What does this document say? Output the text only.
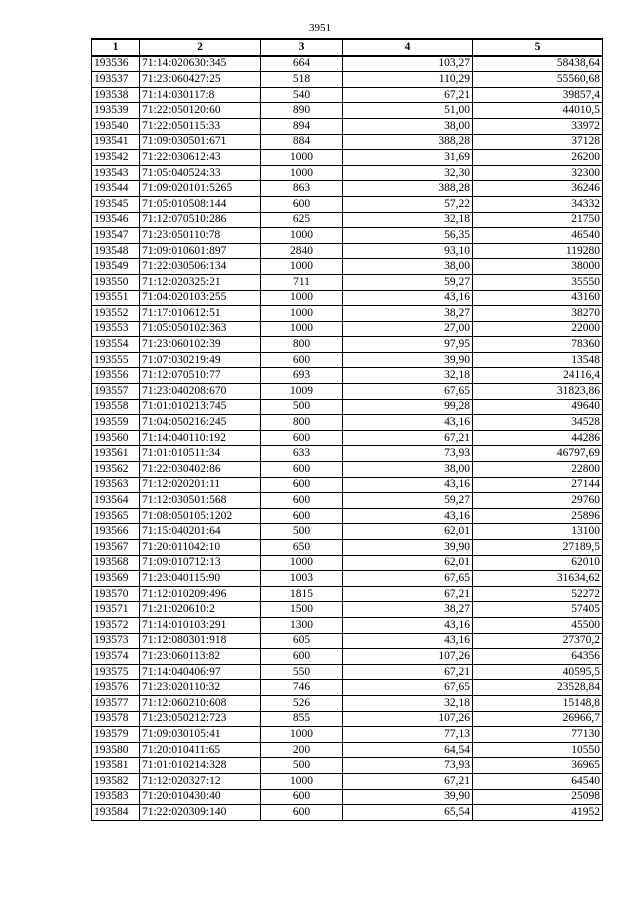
3951
1	2	3	4	5
193536	71:14:020630:345	664	103,27	58438,64
193537	71:23:060427:25	518	110,29	55560,68
193538	71:14:030117:8	540	67,21	39857,4
193539	71:22:050120:60	890	51,00	44010,5
193540	71:22:050115:33	894	38,00	33972
193541	71:09:030501:671	884	388,28	37128
193542	71:22:030612:43	1000	31,69	26200
193543	71:05:040524:33	1000	32,30	32300
193544	71:09:020101:5265	863	388,28	36246
193545	71:05:010508:144	600	57,22	34332
193546	71:12:070510:286	625	32,18	21750
193547	71:23:050110:78	1000	56,35	46540
193548	71:09:010601:897	2840	93,10	119280
193549	71:22:030506:134	1000	38,00	38000
193550	71:12:020325:21	711	59,27	35550
193551	71:04:020103:255	1000	43,16	43160
193552	71:17:010612:51	1000	38,27	38270
193553	71:05:050102:363	1000	27,00	22000
193554	71:23:060102:39	800	97,95	78360
193555	71:07:030219:49	600	39,90	13548
193556	71:12:070510:77	693	32,18	24116,4
193557	71:23:040208:670	1009	67,65	31823,86
193558	71:01:010213:745	500	99,28	49640
193559	71:04:050216:245	800	43,16	34528
193560	71:14:040110:192	600	67,21	44286
193561	71:01:010511:34	633	73,93	46797,69
193562	71:22:030402:86	600	38,00	22800
193563	71:12:020201:11	600	43,16	27144
193564	71:12:030501:568	600	59,27	29760
193565	71:08:050105:1202	600	43,16	25896
193566	71:15:040201:64	500	62,01	13100
193567	71:20:011042:10	650	39,90	27189,5
193568	71:09:010712:13	1000	62,01	62010
193569	71:23:040115:90	1003	67,65	31634,62
193570	71:12:010209:496	1815	67,21	52272
193571	71:21:020610:2	1500	38,27	57405
193572	71:14:010103:291	1300	43,16	45500
193573	71:12:080301:918	605	43,16	27370,2
193574	71:23:060113:82	600	107,26	64356
193575	71:14:040406:97	550	67,21	40595,5
193576	71:23:020110:32	746	67,65	23528,84
193577	71:12:060210:608	526	32,18	15148,8
193578	71:23:050212:723	855	107,26	26966,7
193579	71:09:030105:41	1000	77,13	77130
193580	71:20:010411:65	200	64,54	10550
193581	71:01:010214:328	500	73,93	36965
193582	71:12:020327:12	1000	67,21	64540
193583	71:20:010430:40	600	39,90	25098
193584	71:22:020309:140	600	65,54	41952
